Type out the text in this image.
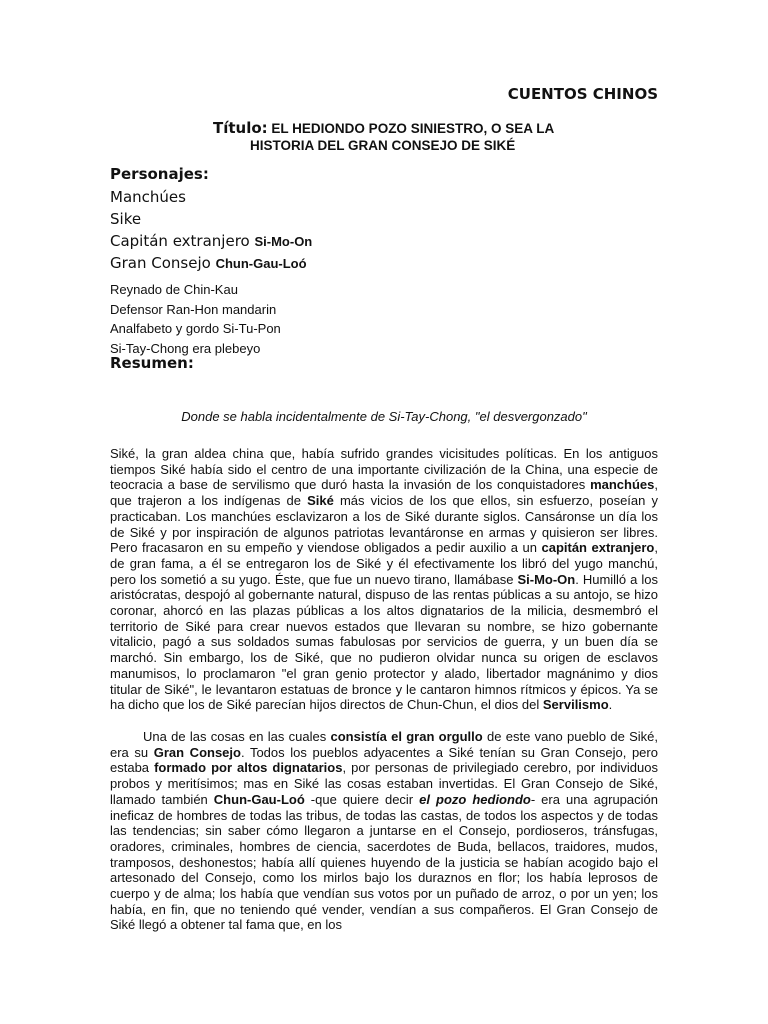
CUENTOS CHINOS
Título: EL HEDIONDO POZO SINIESTRO, O SEA LA
HISTORIA DEL GRAN CONSEJO DE SIKÉ
Personajes:
Manchúes
Sike
Capitán extranjero Si-Mo-On
Gran Consejo Chun-Gau-Loó
Reynado de Chin-Kau
Defensor Ran-Hon mandarin
Analfabeto y gordo Si-Tu-Pon
Si-Tay-Chong era plebeyo
Resumen:
Donde se habla incidentalmente de Si-Tay-Chong, "el desvergonzado"

Siké, la gran aldea china que, había sufrido grandes vicisitudes políticas. En los antiguos tiempos Siké había sido el centro de una importante civilización de la China, una especie de teocracia a base de servilismo que duró hasta la invasión de los conquistadores manchúes, que trajeron a los indígenas de Siké más vicios de los que ellos, sin esfuerzo, poseían y practicaban. Los manchúes esclavizaron a los de Siké durante siglos. Cansáronse un día los de Siké y por inspiración de algunos patriotas levantáronse en armas y quisieron ser libres. Pero fracasaron en su empeño y viendose obligados a pedir auxilio a un capitán extranjero, de gran fama, a él se entregaron los de Siké y él efectivamente los libró del yugo manchú, pero los sometió a su yugo. Éste, que fue un nuevo tirano, llamábase Si-Mo-On. Humilló a los aristócratas, despojó al gobernante natural, dispuso de las rentas públicas a su antojo, se hizo coronar, ahorcó en las plazas públicas a los altos dignatarios de la milicia, desmembró el territorio de Siké para crear nuevos estados que llevaran su nombre, se hizo gobernante vitalicio, pagó a sus soldados sumas fabulosas por servicios de guerra, y un buen día se marchó. Sin embargo, los de Siké, que no pudieron olvidar nunca su origen de esclavos manumisos, lo proclamaron "el gran genio protector y alado, libertador magnánimo y dios titular de Siké", le levantaron estatuas de bronce y le cantaron himnos rítmicos y épicos. Ya se ha dicho que los de Siké parecían hijos directos de Chun-Chun, el dios del Servilismo.

Una de las cosas en las cuales consistía el gran orgullo de este vano pueblo de Siké, era su Gran Consejo. Todos los pueblos adyacentes a Siké tenían su Gran Consejo, pero estaba formado por altos dignatarios, por personas de privilegiado cerebro, por individuos probos y meritísimos; mas en Siké las cosas estaban invertidas. El Gran Consejo de Siké, llamado también Chun-Gau-Loó -que quiere decir el pozo hediondo- era una agrupación ineficaz de hombres de todas las tribus, de todas las castas, de todos los aspectos y de todas las tendencias; sin saber cómo llegaron a juntarse en el Consejo, pordioseros, tránsfugas, oradores, criminales, hombres de ciencia, sacerdotes de Buda, bellacos, traidores, mudos, tramposos, deshonestos; había allí quienes huyendo de la justicia se habían acogido bajo el artesonado del Consejo, como los mirlos bajo los duraznos en flor; los había leprosos de cuerpo y de alma; los había que vendían sus votos por un puñado de arroz, o por un yen; los había, en fin, que no teniendo qué vender, vendían a sus compañeros. El Gran Consejo de Siké llegó a obtener tal fama que, en los
